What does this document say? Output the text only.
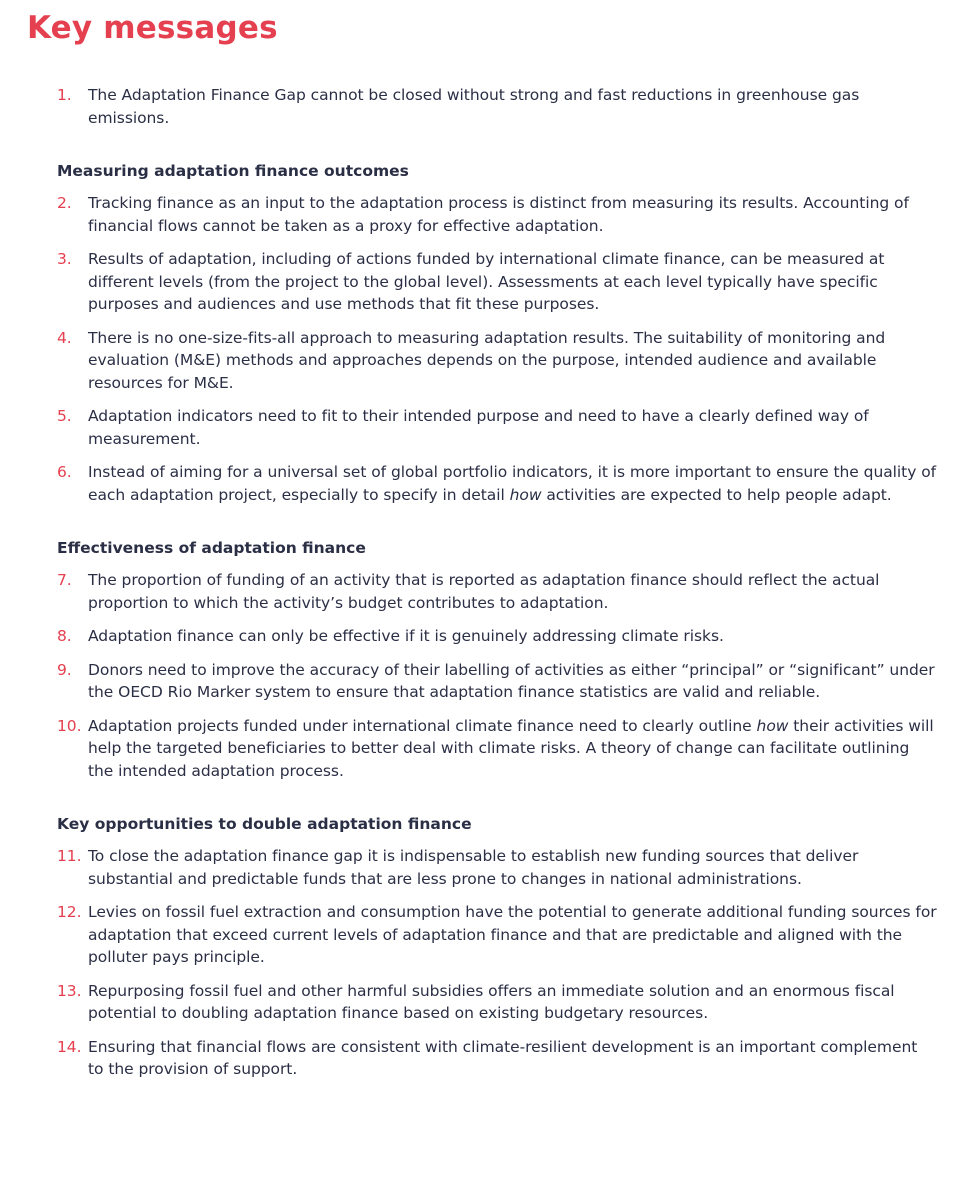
Key messages
1. The Adaptation Finance Gap cannot be closed without strong and fast reductions in greenhouse gas emissions.
Measuring adaptation finance outcomes
2. Tracking finance as an input to the adaptation process is distinct from measuring its results. Accounting of financial flows cannot be taken as a proxy for effective adaptation.
3. Results of adaptation, including of actions funded by international climate finance, can be measured at different levels (from the project to the global level). Assessments at each level typically have specific purposes and audiences and use methods that fit these purposes.
4. There is no one-size-fits-all approach to measuring adaptation results. The suitability of monitoring and evaluation (M&E) methods and approaches depends on the purpose, intended audience and available resources for M&E.
5. Adaptation indicators need to fit to their intended purpose and need to have a clearly defined way of measurement.
6. Instead of aiming for a universal set of global portfolio indicators, it is more important to ensure the quality of each adaptation project, especially to specify in detail how activities are expected to help people adapt.
Effectiveness of adaptation finance
7. The proportion of funding of an activity that is reported as adaptation finance should reflect the actual proportion to which the activity’s budget contributes to adaptation.
8. Adaptation finance can only be effective if it is genuinely addressing climate risks.
9. Donors need to improve the accuracy of their labelling of activities as either “principal” or “significant” under the OECD Rio Marker system to ensure that adaptation finance statistics are valid and reliable.
10. Adaptation projects funded under international climate finance need to clearly outline how their activities will help the targeted beneficiaries to better deal with climate risks. A theory of change can facilitate outlining the intended adaptation process.
Key opportunities to double adaptation finance
11. To close the adaptation finance gap it is indispensable to establish new funding sources that deliver substantial and predictable funds that are less prone to changes in national administrations.
12. Levies on fossil fuel extraction and consumption have the potential to generate additional funding sources for adaptation that exceed current levels of adaptation finance and that are predictable and aligned with the polluter pays principle.
13. Repurposing fossil fuel and other harmful subsidies offers an immediate solution and an enormous fiscal potential to doubling adaptation finance based on existing budgetary resources.
14. Ensuring that financial flows are consistent with climate-resilient development is an important complement to the provision of support.
